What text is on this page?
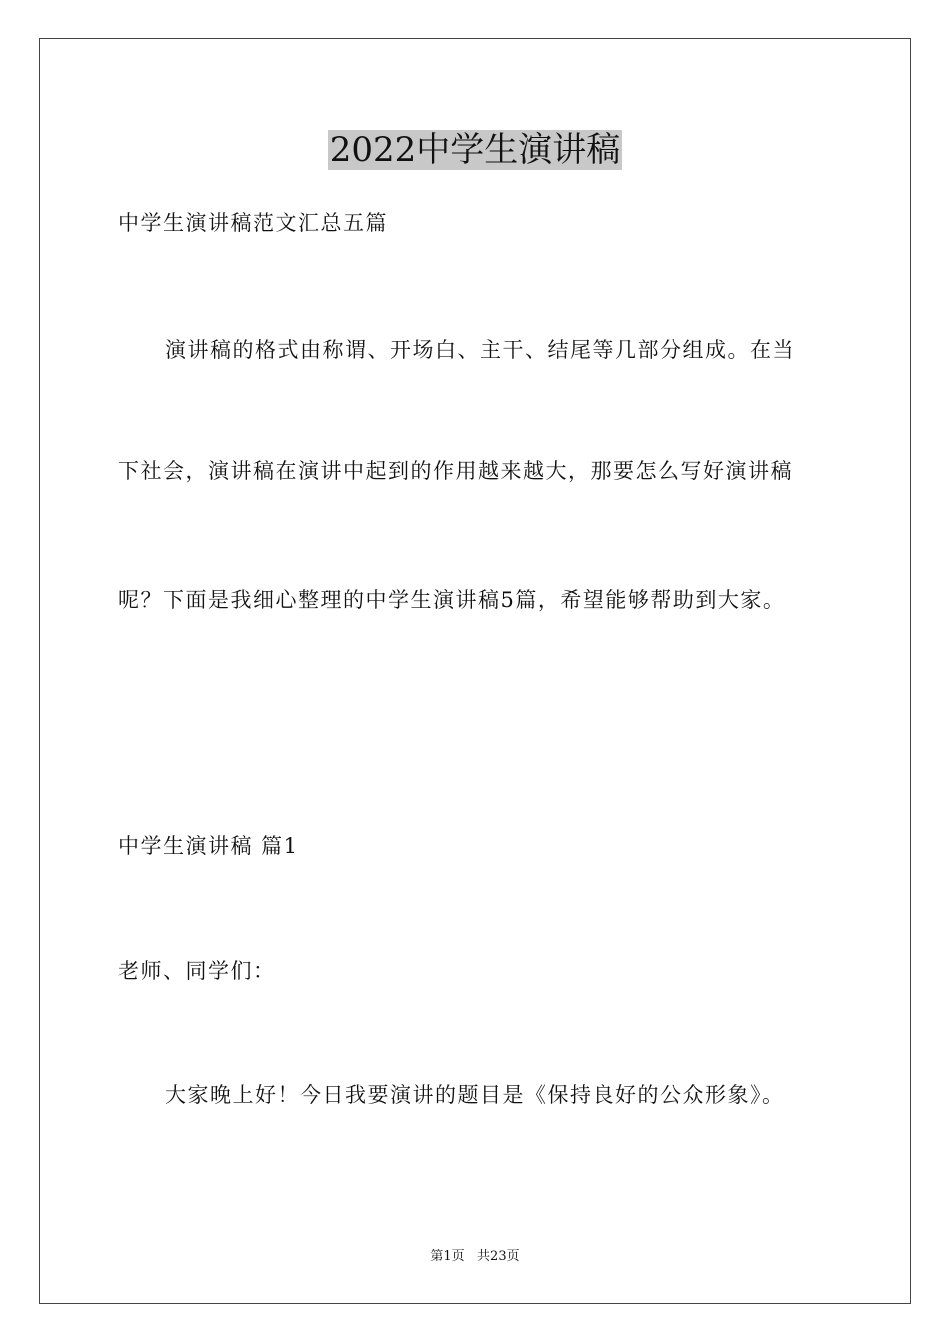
2022中学生演讲稿
中学生演讲稿范文汇总五篇
演讲稿的格式由称谓、开场白、主干、结尾等几部分组成。在当
下社会，演讲稿在演讲中起到的作用越来越大，那要怎么写好演讲稿
呢？下面是我细心整理的中学生演讲稿5篇，希望能够帮助到大家。
中学生演讲稿 篇1
老师、同学们：
大家晚上好！今日我要演讲的题目是《保持良好的公众形象》。
第1页   共23页
